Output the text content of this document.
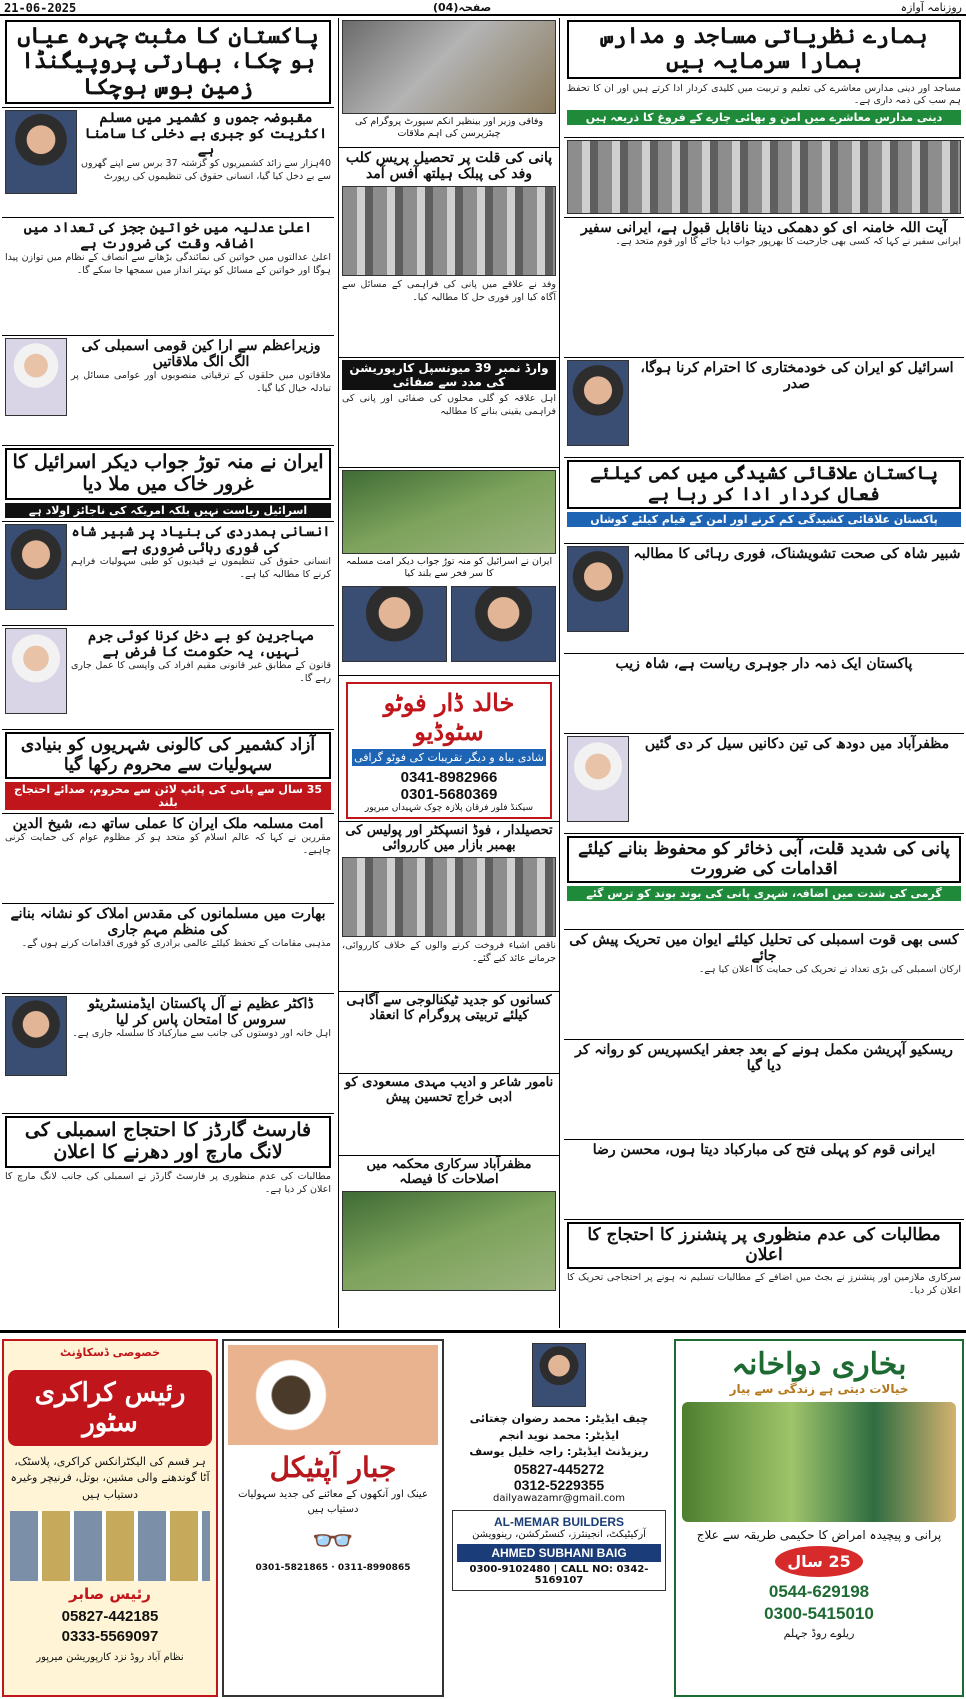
21-06-2025	صفحہ(04)	روزنامہ آوازہ
پاکستان کا مثبت چہرہ عیاں ہو چکا، بھارتی پروپیگنڈا زمین بوس ہوچکا
مقبوضہ جموں و کشمیر میں مسلم اکثریت کو جبری بے دخلی کا سامنا ہے
40ہزار سے زائد کشمیریوں کو گزشتہ 37 برس سے اپنے گھروں سے بے دخل کیا گیا، انسانی حقوق کی تنظیموں کی رپورٹ
اعلیٰ عدلیہ میں خواتین ججز کی تعداد میں اضافہ وقت کی ضرورت ہے
اعلیٰ عدالتوں میں خواتین کی نمائندگی بڑھانے سے انصاف کے نظام میں توازن پیدا ہوگا اور خواتین کے مسائل کو بہتر انداز میں سمجھا جا سکے گا۔
وزیراعظم سے ارا کین قومی اسمبلی کی الگ الگ ملاقاتیں
ملاقاتوں میں حلقوں کے ترقیاتی منصوبوں اور عوامی مسائل پر تبادلہ خیال کیا گیا۔
ایران نے منہ توڑ جواب دیکر اسرائیل کا غرور خاک میں ملا دیا
اسرائیل ریاست نہیں بلکہ امریکہ کی ناجائز اولاد ہے
انسانی ہمدردی کی بنیاد پر شبیر شاہ کی فوری رہائی ضروری ہے
انسانی حقوق کی تنظیموں نے قیدیوں کو طبی سہولیات فراہم کرنے کا مطالبہ کیا ہے۔
مہاجرین کو بے دخل کرنا کوئی جرم نہیں، یہ حکومت کا فرض ہے
قانون کے مطابق غیر قانونی مقیم افراد کی واپسی کا عمل جاری رہے گا۔
آزاد کشمیر کی کالونی شہریوں کو بنیادی سہولیات سے محروم رکھا گیا
35 سال سے پانی کی پائپ لائن سے محروم، صدائے احتجاج بلند
امت مسلمہ ملک ایران کا عملی ساتھ دے، شیخ الدین
مقررین نے کہا کہ عالم اسلام کو متحد ہو کر مظلوم عوام کی حمایت کرنی چاہیے۔
بھارت میں مسلمانوں کی مقدس املاک کو نشانہ بنانے کی منظم مہم جاری
مذہبی مقامات کے تحفظ کیلئے عالمی برادری کو فوری اقدامات کرنے ہوں گے۔
ڈاکٹر عظیم نے آل پاکستان ایڈمنسٹریٹو سروس کا امتحان پاس کر لیا
اہل خانہ اور دوستوں کی جانب سے مبارکباد کا سلسلہ جاری ہے۔
فارسٹ گارڈز کا احتجاج اسمبلی کی لانگ مارچ اور دھرنے کا اعلان
مطالبات کی عدم منظوری پر فارسٹ گارڈز نے اسمبلی کی جانب لانگ مارچ کا اعلان کر دیا ہے۔
وفاقی وزیر اور بینظیر انکم سپورٹ پروگرام کی چیئرپرسن کی اہم ملاقات
پانی کی قلت پر تحصیل پریس کلب وفد کی پبلک ہیلتھ آفس آمد
وفد نے علاقے میں پانی کی فراہمی کے مسائل سے آگاہ کیا اور فوری حل کا مطالبہ کیا۔
وارڈ نمبر 39 میونسپل کارپوریشن کی مدد سے صفائی
اہل علاقہ کو گلی محلوں کی صفائی اور پانی کی فراہمی یقینی بنانے کا مطالبہ
ایران نے اسرائیل کو منہ توڑ جواب دیکر امت مسلمہ کا سر فخر سے بلند کیا
خالد ڈار فوٹو سٹوڈیو
شادی بیاہ و دیگر تقریبات کی فوٹو گرافی
0341-8982966
0301-5680369
سیکنڈ فلور فرقان پلازہ چوک شہیداں میرپور
تحصیلدار ، فوڈ انسپکٹر اور پولیس کی بھمبر بازار میں کارروائی
ناقص اشیاء فروخت کرنے والوں کے خلاف کارروائی، جرمانے عائد کیے گئے۔
کسانوں کو جدید ٹیکنالوجی سے آگاہی کیلئے تربیتی پروگرام کا انعقاد
نامور شاعر و ادیب مہدی مسعودی کو ادبی خراج تحسین پیش
مظفرآباد سرکاری محکمہ میں اصلاحات کا فیصلہ
ہمارے نظریاتی مساجد و مدارس ہمارا سرمایہ ہیں
مساجد اور دینی مدارس معاشرے کی تعلیم و تربیت میں کلیدی کردار ادا کرتے ہیں اور ان کا تحفظ ہم سب کی ذمہ داری ہے۔
دینی مدارس معاشرے میں امن و بھائی چارے کے فروغ کا ذریعہ ہیں
آیت اللہ خامنہ ای کو دھمکی دینا ناقابل قبول ہے، ایرانی سفیر
ایرانی سفیر نے کہا کہ کسی بھی جارحیت کا بھرپور جواب دیا جائے گا اور قوم متحد ہے۔
اسرائیل کو ایران کی خودمختاری کا احترام کرنا ہوگا، صدر
پاکستان علاقائی کشیدگی میں کمی کیلئے فعال کردار ادا کر رہا ہے
پاکستان علاقائی کشیدگی کم کرنے اور امن کے قیام کیلئے کوشاں
شبیر شاہ کی صحت تشویشناک، فوری رہائی کا مطالبہ
پاکستان ایک ذمہ دار جوہری ریاست ہے، شاہ زیب
مظفرآباد میں دودھ کی تین دکانیں سیل کر دی گئیں
پانی کی شدید قلت، آبی ذخائر کو محفوظ بنانے کیلئے اقدامات کی ضرورت
گرمی کی شدت میں اضافہ، شہری پانی کی بوند بوند کو ترس گئے
کسی بھی قوت اسمبلی کی تحلیل کیلئے ایوان میں تحریک پیش کی جائے
ارکان اسمبلی کی بڑی تعداد نے تحریک کی حمایت کا اعلان کیا ہے۔
ریسکیو آپریشن مکمل ہونے کے بعد جعفر ایکسپریس کو روانہ کر دیا گیا
ایرانی قوم کو پہلی فتح کی مبارکباد دیتا ہوں، محسن رضا
مطالبات کی عدم منظوری پر پنشنرز کا احتجاج کا اعلان
سرکاری ملازمین اور پنشنرز نے بجٹ میں اضافے کے مطالبات تسلیم نہ ہونے پر احتجاجی تحریک کا اعلان کر دیا۔
خصوصی ڈسکاؤنٹ
رئیس کراکری سٹور
ہر قسم کی الیکٹرانکس کراکری، پلاسٹک، آٹا گوندھنے والی مشین، بوتل، فرنیچر وغیرہ دستیاب ہیں
رئیس صابر
05827-442185
0333-5569097
نظام آباد روڈ نزد کارپوریشن میرپور
جبار آپٹیکل
عینک اور آنکھوں کے معائنے کی جدید سہولیات دستیاب ہیں
👓
0301-5821865 · 0311-8990865
چیف ایڈیٹر: محمد رضوان چغتائی
ایڈیٹر: محمد نوید انجم
ریزیڈنٹ ایڈیٹر: راجہ خلیل یوسف
05827-445272
0312-5229355
dailyawazamr@gmail.com
AL-MEMAR BUILDERS
آرکیٹیکٹ، انجینئرز، کنسٹرکشن، رینوویشن
AHMED SUBHANI BAIG
0300-9102480 | CALL NO: 0342-5169107
بخاری دواخانہ
خیالات دیتی ہے زندگی سے پیار
پرانی و پیچیدہ امراض کا حکیمی طریقہ سے علاج
25 سال
0544-629198
0300-5415010
ریلوے روڈ جہلم
